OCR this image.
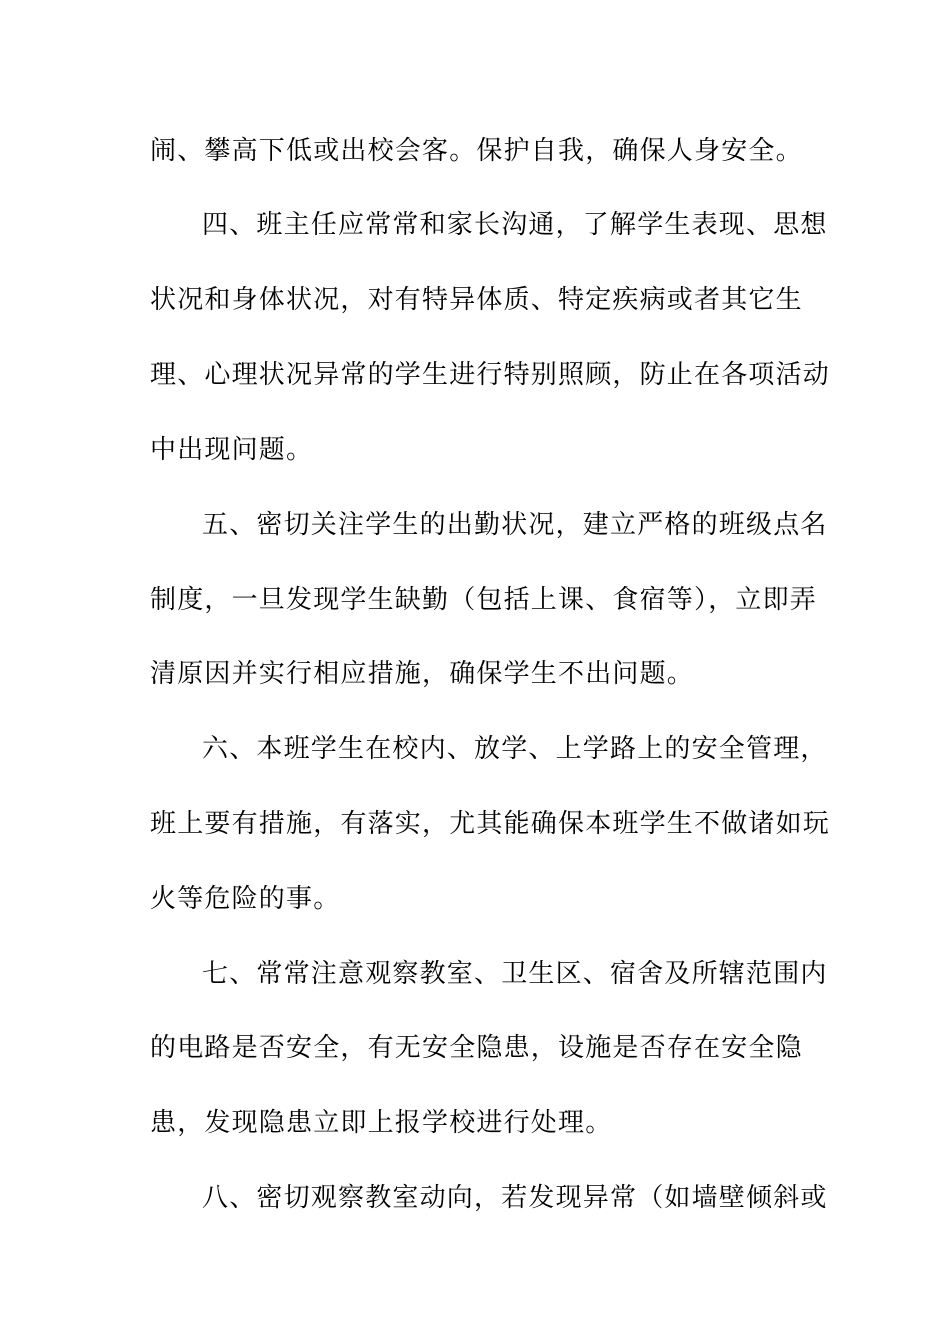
闹、攀高下低或出校会客。保护自我，确保人身安全。
四、班主任应常常和家长沟通，了解学生表现、思想
状况和身体状况，对有特异体质、特定疾病或者其它生
理、心理状况异常的学生进行特别照顾，防止在各项活动
中出现问题。
五、密切关注学生的出勤状况，建立严格的班级点名
制度，一旦发现学生缺勤（包括上课、食宿等），立即弄
清原因并实行相应措施，确保学生不出问题。
六、本班学生在校内、放学、上学路上的安全管理，
班上要有措施，有落实，尤其能确保本班学生不做诸如玩
火等危险的事。
七、常常注意观察教室、卫生区、宿舍及所辖范围内
的电路是否安全，有无安全隐患，设施是否存在安全隐
患，发现隐患立即上报学校进行处理。
八、密切观察教室动向，若发现异常（如墙壁倾斜或
